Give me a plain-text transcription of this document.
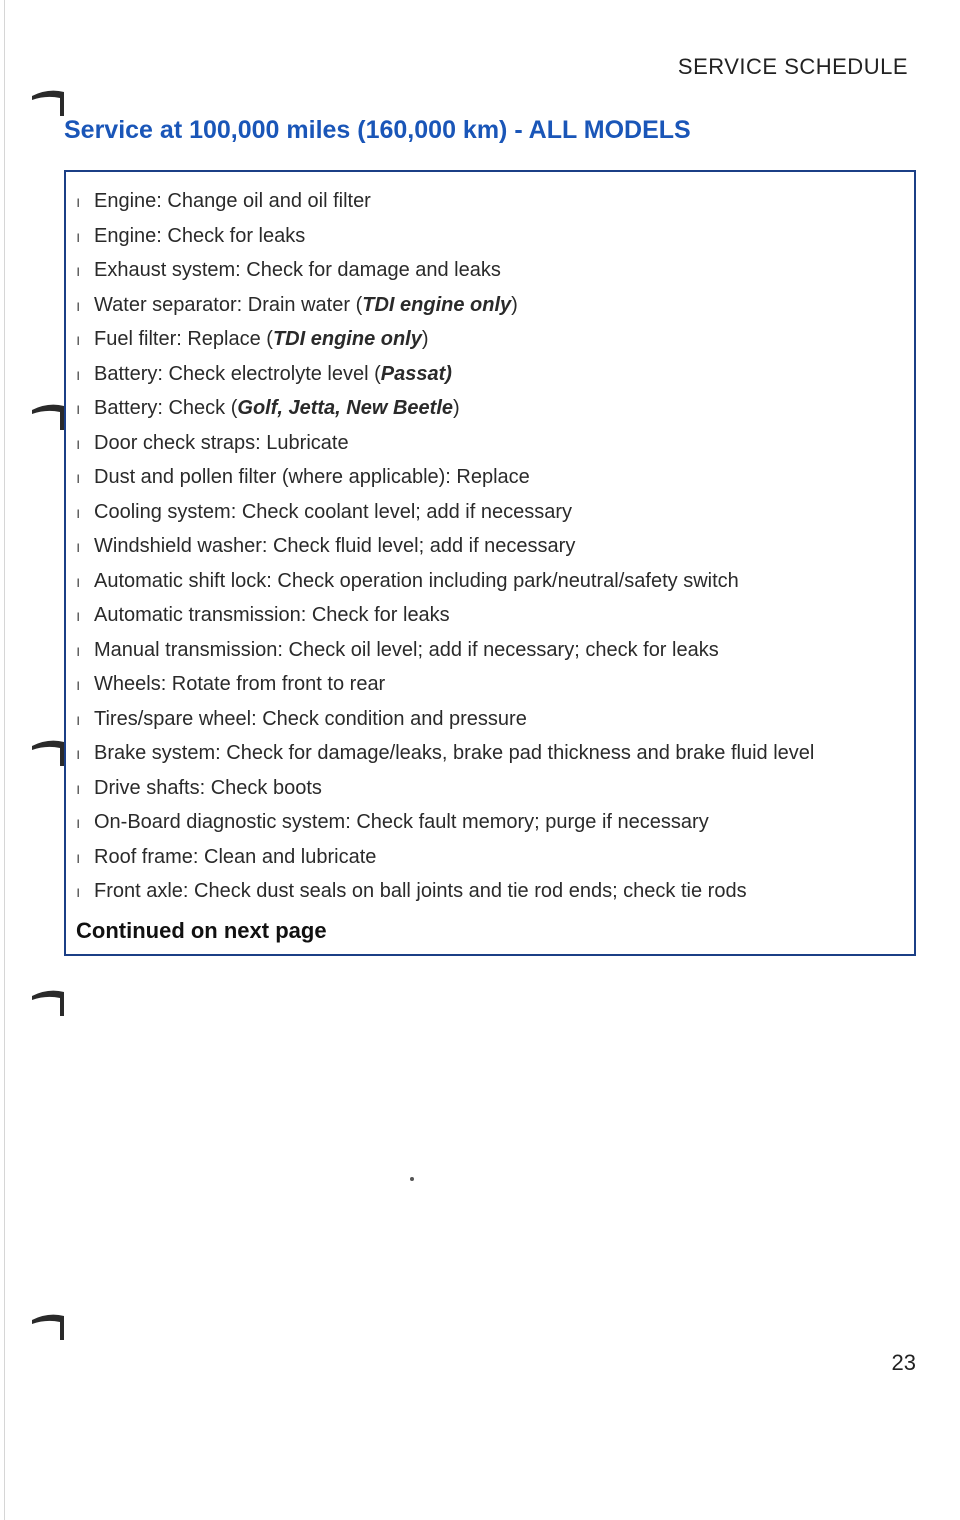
SERVICE SCHEDULE
Service at 100,000 miles (160,000 km) - ALL MODELS
ı Engine: Change oil and oil filter
ı Engine: Check for leaks
ı Exhaust system: Check for damage and leaks
ı Water separator: Drain water (TDI engine only)
ı Fuel filter: Replace (TDI engine only)
ı Battery: Check electrolyte level (Passat)
ı Battery: Check (Golf, Jetta, New Beetle)
ı Door check straps: Lubricate
ı Dust and pollen filter (where applicable): Replace
ı Cooling system: Check coolant level; add if necessary
ı Windshield washer: Check fluid level; add if necessary
ı Automatic shift lock: Check operation including park/neutral/safety switch
ı Automatic transmission: Check for leaks
ı Manual transmission: Check oil level; add if necessary; check for leaks
ı Wheels: Rotate from front to rear
ı Tires/spare wheel: Check condition and pressure
ı Brake system: Check for damage/leaks, brake pad thickness and brake fluid level
ı Drive shafts: Check boots
ı On-Board diagnostic system: Check fault memory; purge if necessary
ı Roof frame: Clean and lubricate
ı Front axle: Check dust seals on ball joints and tie rod ends; check tie rods
Continued on next page
23
